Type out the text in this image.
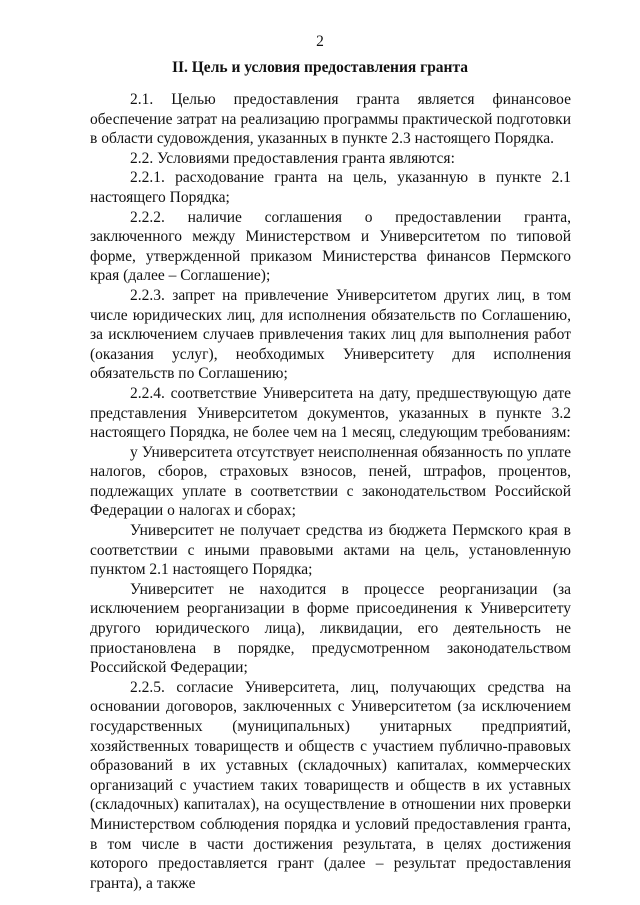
2
II. Цель и условия предоставления гранта

2.1. Целью предоставления гранта является финансовое обеспечение затрат на реализацию программы практической подготовки в области судовождения, указанных в пункте 2.3 настоящего Порядка.

2.2. Условиями предоставления гранта являются:

2.2.1. расходование гранта на цель, указанную в пункте 2.1 настоящего Порядка;

2.2.2. наличие соглашения о предоставлении гранта, заключенного между Министерством и Университетом по типовой форме, утвержденной приказом Министерства финансов Пермского края (далее – Соглашение);

2.2.3. запрет на привлечение Университетом других лиц, в том числе юридических лиц, для исполнения обязательств по Соглашению, за исключением случаев привлечения таких лиц для выполнения работ (оказания услуг), необходимых Университету для исполнения обязательств по Соглашению;

2.2.4. соответствие Университета на дату, предшествующую дате представления Университетом документов, указанных в пункте 3.2 настоящего Порядка, не более чем на 1 месяц, следующим требованиям:

у Университета отсутствует неисполненная обязанность по уплате налогов, сборов, страховых взносов, пеней, штрафов, процентов, подлежащих уплате в соответствии с законодательством Российской Федерации о налогах и сборах;

Университет не получает средства из бюджета Пермского края в соответствии с иными правовыми актами на цель, установленную пунктом 2.1 настоящего Порядка;

Университет не находится в процессе реорганизации (за исключением реорганизации в форме присоединения к Университету другого юридического лица), ликвидации, его деятельность не приостановлена в порядке, предусмотренном законодательством Российской Федерации;

2.2.5. согласие Университета, лиц, получающих средства на основании договоров, заключенных с Университетом (за исключением государственных (муниципальных) унитарных предприятий, хозяйственных товариществ и обществ с участием публично-правовых образований в их уставных (складочных) капиталах, коммерческих организаций с участием таких товариществ и обществ в их уставных (складочных) капиталах), на осуществление в отношении них проверки Министерством соблюдения порядка и условий предоставления гранта, в том числе в части достижения результата, в целях достижения которого предоставляется грант (далее – результат предоставления гранта), а также
